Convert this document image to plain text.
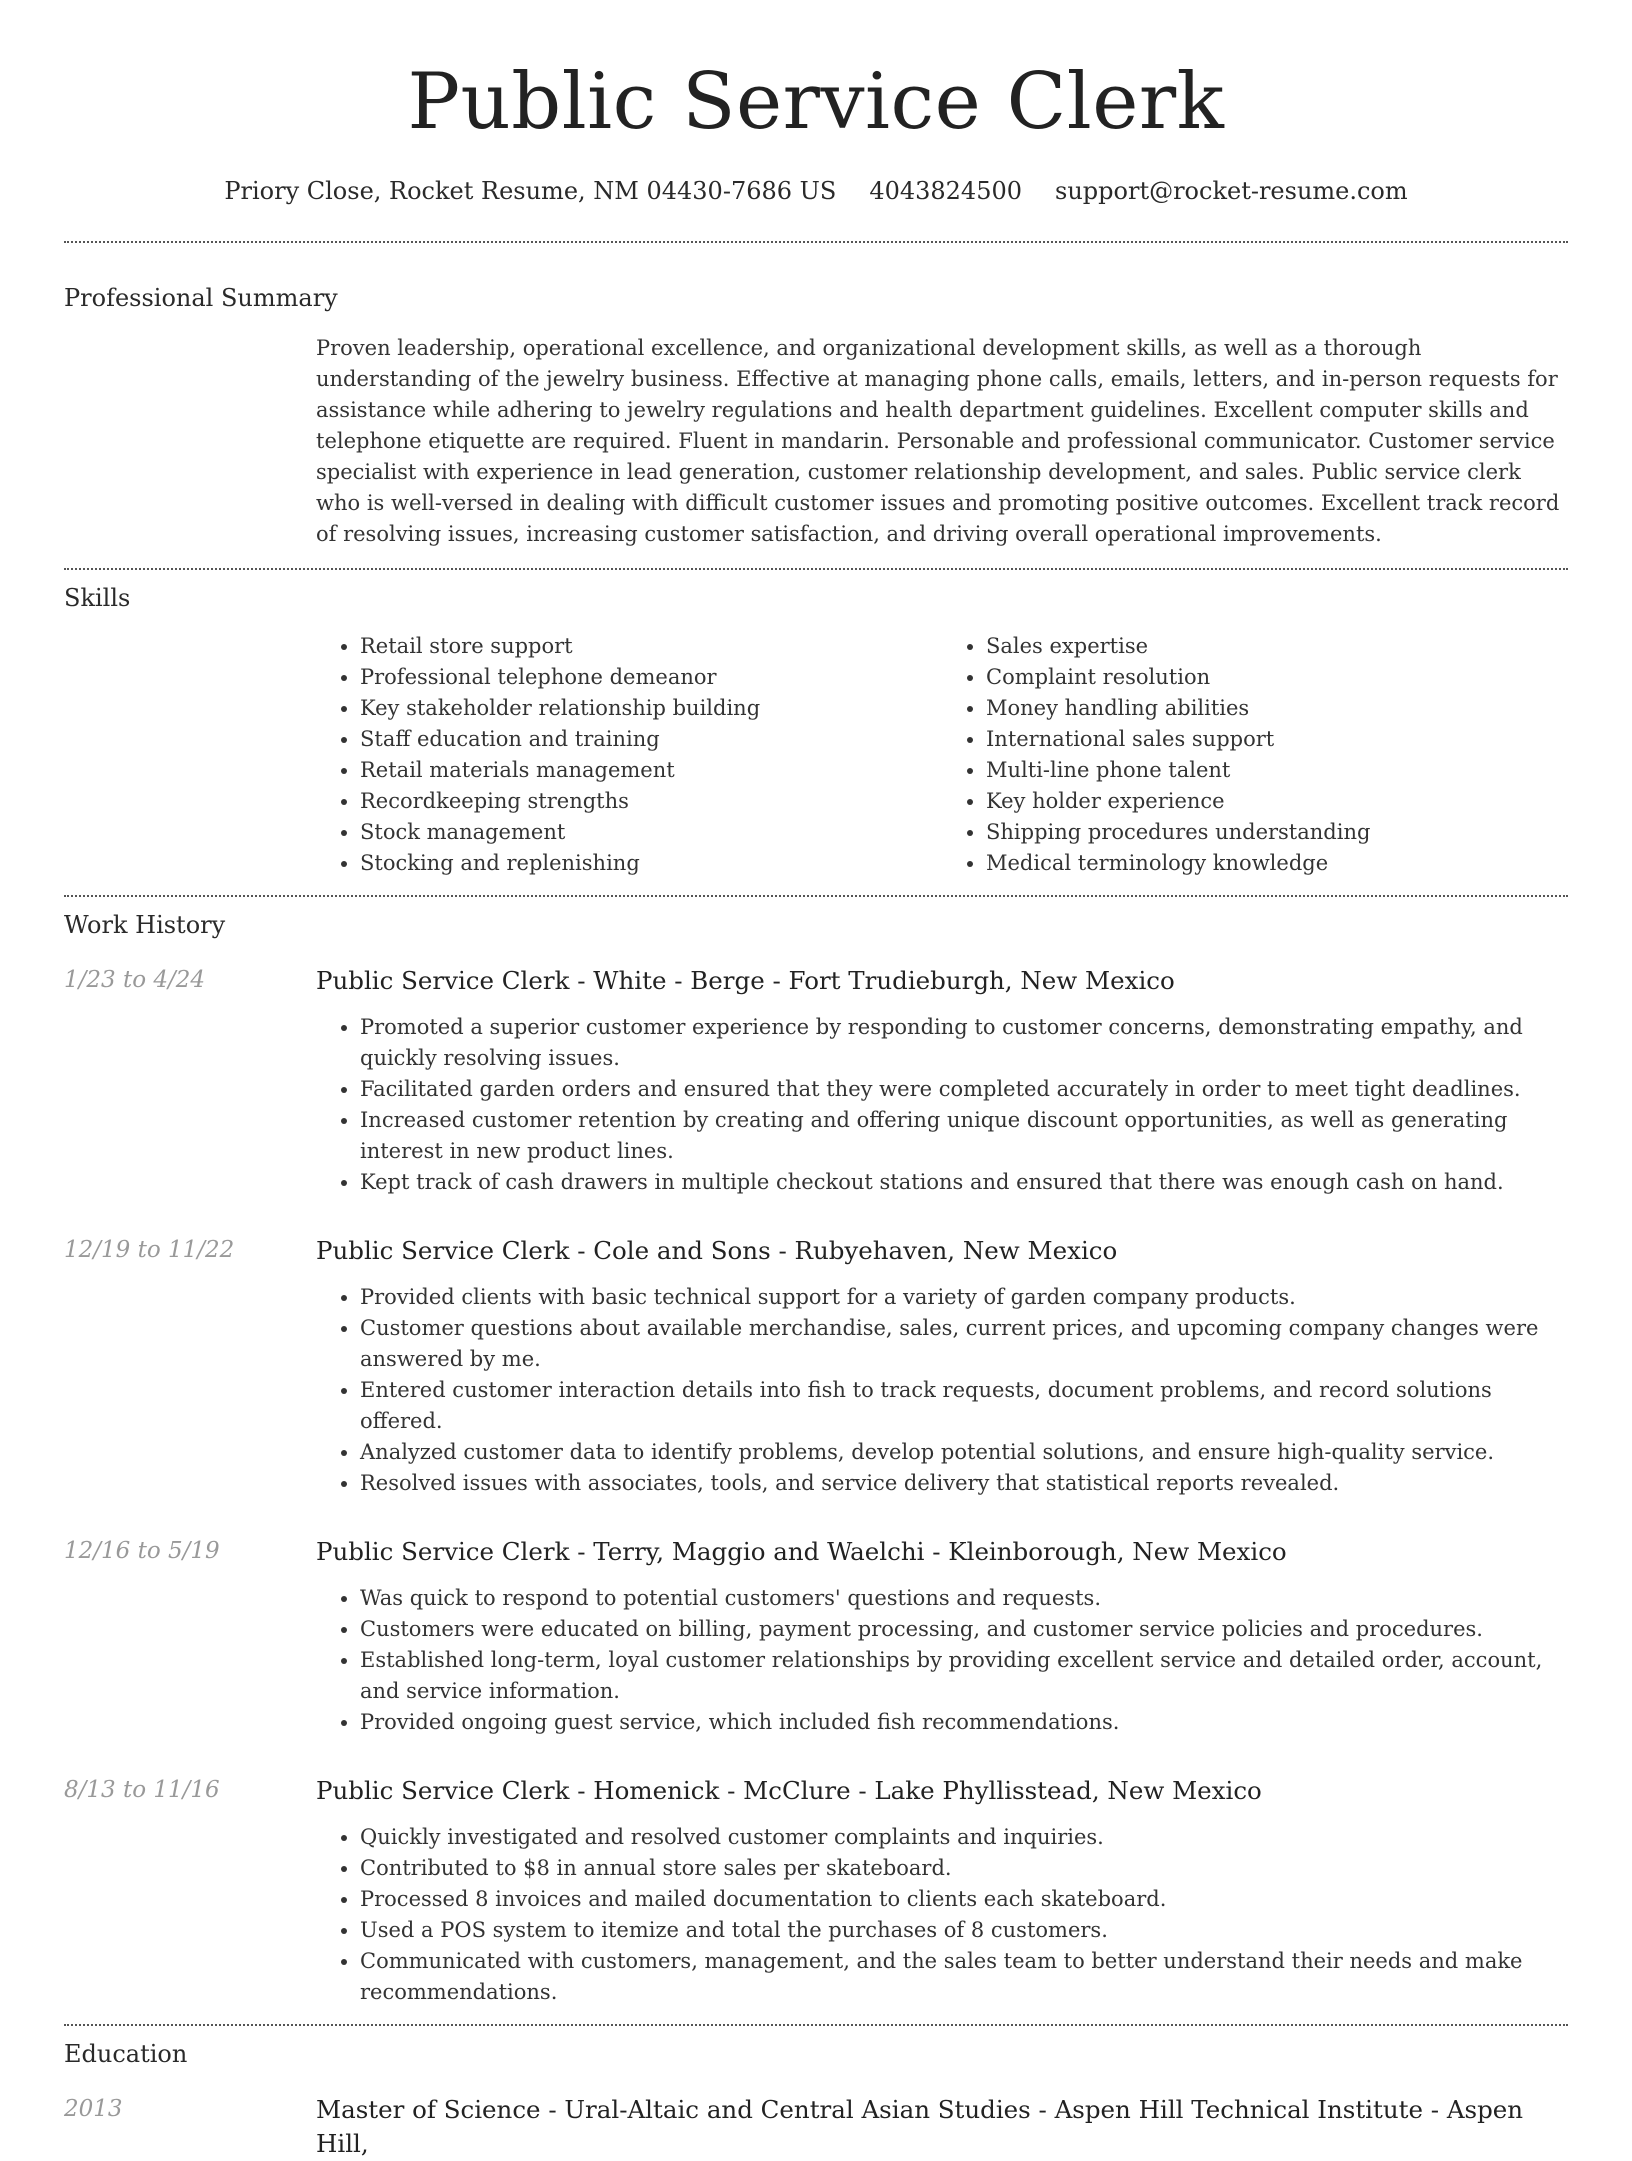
Public Service Clerk
Priory Close, Rocket Resume, NM 04430-7686 US 4043824500 support@rocket-resume.com
Professional Summary

Proven leadership, operational excellence, and organizational development skills, as well as a thorough understanding of the jewelry business. Effective at managing phone calls, emails, letters, and in-person requests for assistance while adhering to jewelry regulations and health department guidelines. Excellent computer skills and telephone etiquette are required. Fluent in mandarin. Personable and professional communicator. Customer service specialist with experience in lead generation, customer relationship development, and sales. Public service clerk who is well-versed in dealing with difficult customer issues and promoting positive outcomes. Excellent track record of resolving issues, increasing customer satisfaction, and driving overall operational improvements.

Skills
• Retail store support
• Professional telephone demeanor
• Key stakeholder relationship building
• Staff education and training
• Retail materials management
• Recordkeeping strengths
• Stock management
• Stocking and replenishing
• Sales expertise
• Complaint resolution
• Money handling abilities
• International sales support
• Multi-line phone talent
• Key holder experience
• Shipping procedures understanding
• Medical terminology knowledge
Work History
1/23 to 4/24	Public Service Clerk - White - Berge - Fort Trudieburgh, New Mexico

• Promoted a superior customer experience by responding to customer concerns, demonstrating empathy, and quickly resolving issues.
• Facilitated garden orders and ensured that they were completed accurately in order to meet tight deadlines.
• Increased customer retention by creating and offering unique discount opportunities, as well as generating interest in new product lines.
• Kept track of cash drawers in multiple checkout stations and ensured that there was enough cash on hand.
12/19 to 11/22	Public Service Clerk - Cole and Sons - Rubyehaven, New Mexico

• Provided clients with basic technical support for a variety of garden company products.
• Customer questions about available merchandise, sales, current prices, and upcoming company changes were answered by me.
• Entered customer interaction details into fish to track requests, document problems, and record solutions offered.
• Analyzed customer data to identify problems, develop potential solutions, and ensure high-quality service.
• Resolved issues with associates, tools, and service delivery that statistical reports revealed.
12/16 to 5/19	Public Service Clerk - Terry, Maggio and Waelchi - Kleinborough, New Mexico

• Was quick to respond to potential customers' questions and requests.
• Customers were educated on billing, payment processing, and customer service policies and procedures.
• Established long-term, loyal customer relationships by providing excellent service and detailed order, account, and service information.
• Provided ongoing guest service, which included fish recommendations.
8/13 to 11/16	Public Service Clerk - Homenick - McClure - Lake Phyllisstead, New Mexico

• Quickly investigated and resolved customer complaints and inquiries.
• Contributed to $8 in annual store sales per skateboard.
• Processed 8 invoices and mailed documentation to clients each skateboard.
• Used a POS system to itemize and total the purchases of 8 customers.
• Communicated with customers, management, and the sales team to better understand their needs and make recommendations.
Education
2013	Master of Science - Ural-Altaic and Central Asian Studies - Aspen Hill Technical Institute - Aspen Hill,
